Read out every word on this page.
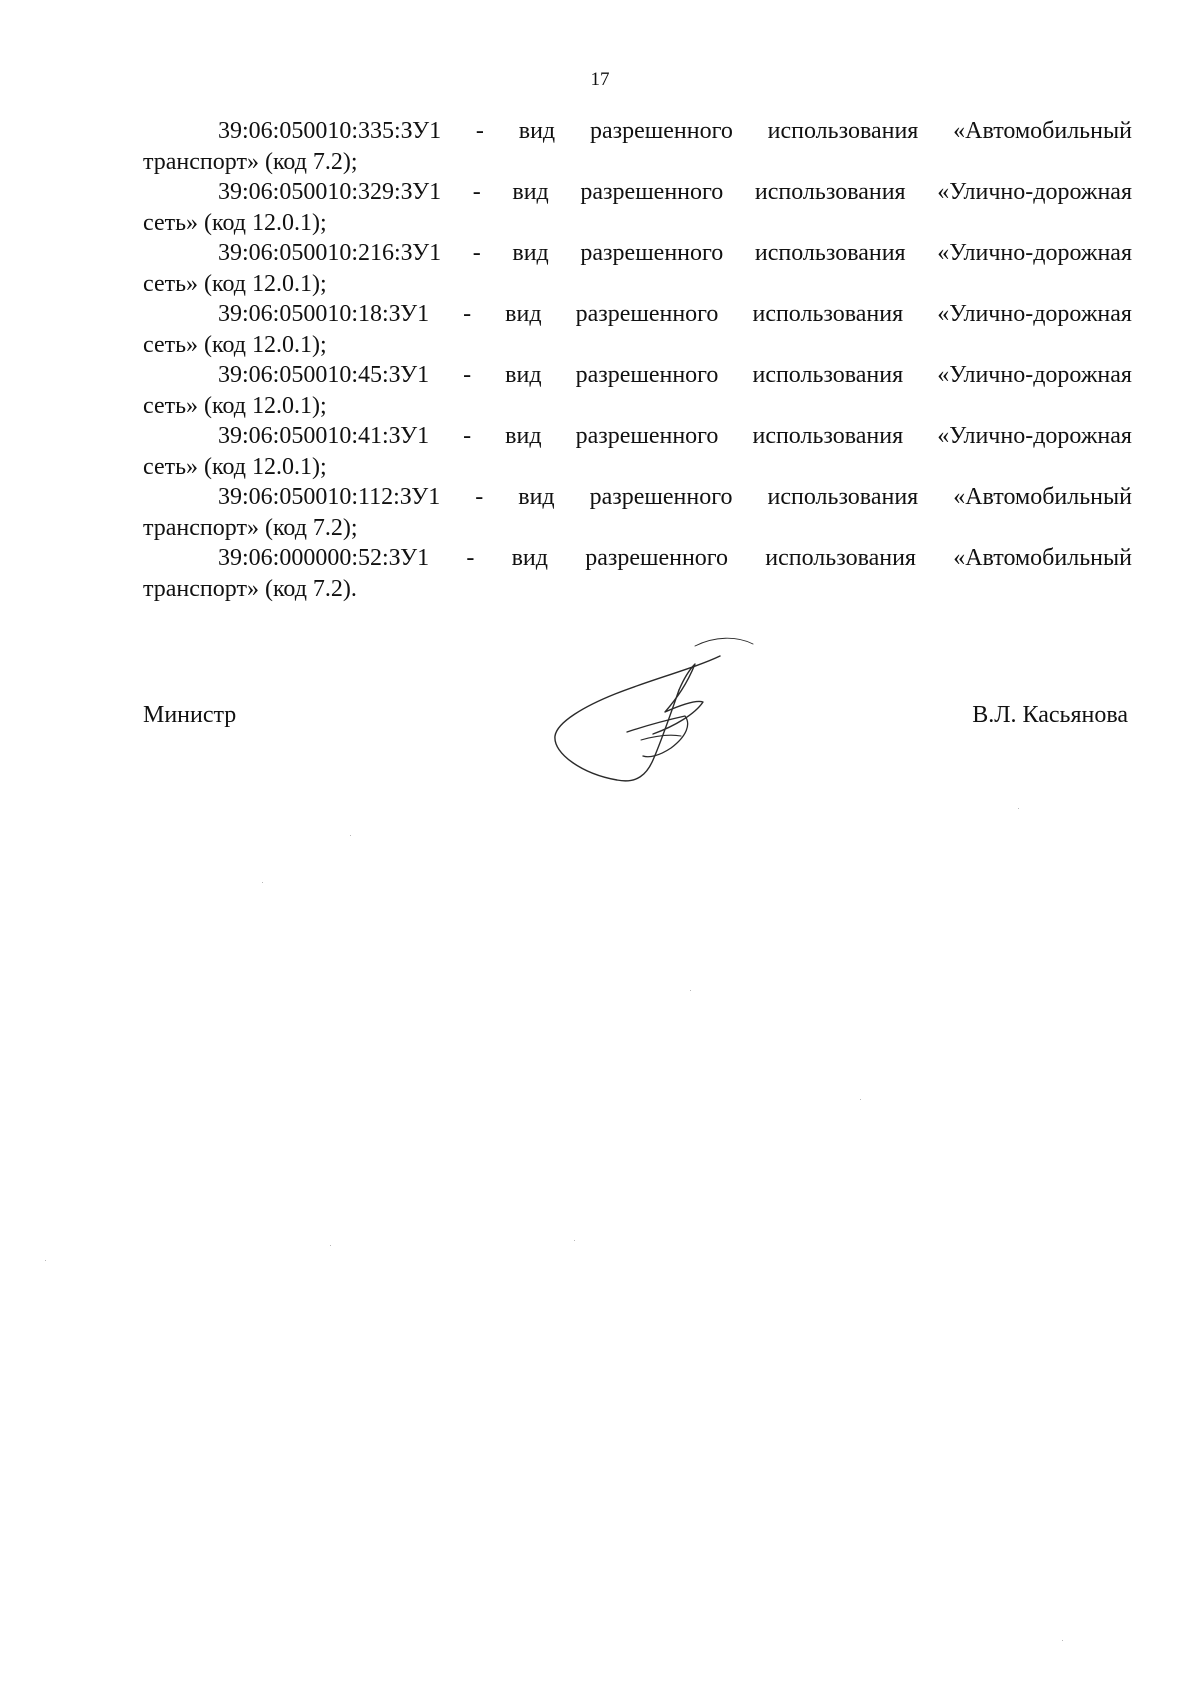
17
39:06:050010:335:ЗУ1 - вид разрешенного использования «Автомобильный
транспорт» (код 7.2);
39:06:050010:329:ЗУ1 - вид разрешенного использования «Улично-дорожная
сеть» (код 12.0.1);
39:06:050010:216:ЗУ1 - вид разрешенного использования «Улично-дорожная
сеть» (код 12.0.1);
39:06:050010:18:ЗУ1 - вид разрешенного использования «Улично-дорожная
сеть» (код 12.0.1);
39:06:050010:45:ЗУ1 - вид разрешенного использования «Улично-дорожная
сеть» (код 12.0.1);
39:06:050010:41:ЗУ1 - вид разрешенного использования «Улично-дорожная
сеть» (код 12.0.1);
39:06:050010:112:ЗУ1 - вид разрешенного использования «Автомобильный
транспорт» (код 7.2);
39:06:000000:52:ЗУ1 - вид разрешенного использования «Автомобильный
транспорт» (код 7.2).
Министр	В.Л. Касьянова
